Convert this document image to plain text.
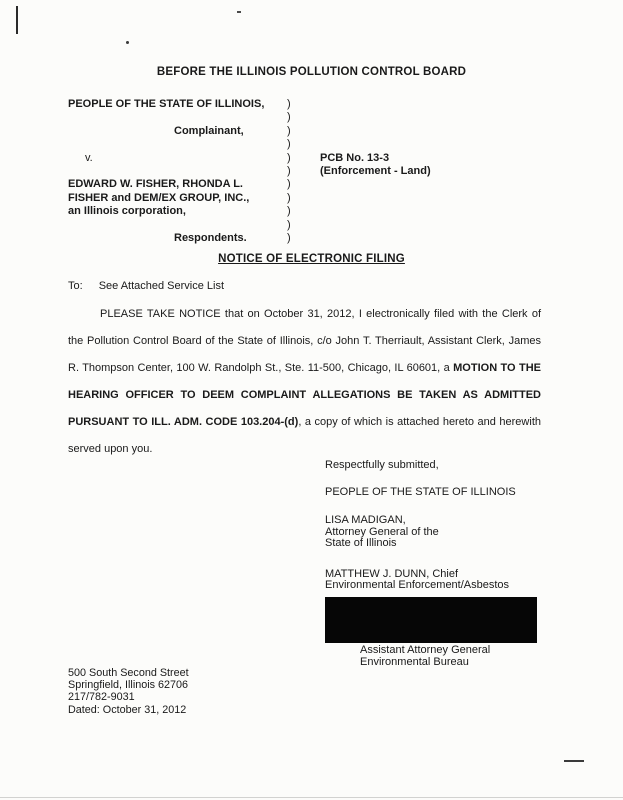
BEFORE THE ILLINOIS POLLUTION CONTROL BOARD
PEOPLE OF THE STATE OF ILLINOIS,	)
)
Complainant,	)
)
v.	)	PCB No. 13-3
)	(Enforcement - Land)
EDWARD W. FISHER, RHONDA L.	)
FISHER and DEM/EX GROUP, INC.,	)
an Illinois corporation,	)
)
Respondents.	)
NOTICE OF ELECTRONIC FILING
To: See Attached Service List

PLEASE TAKE NOTICE that on October 31, 2012, I electronically filed with the Clerk of the Pollution Control Board of the State of Illinois, c/o John T. Therriault, Assistant Clerk, James R. Thompson Center, 100 W. Randolph St., Ste. 11-500, Chicago, IL 60601, a MOTION TO THE HEARING OFFICER TO DEEM COMPLAINT ALLEGATIONS BE TAKEN AS ADMITTED PURSUANT TO ILL. ADM. CODE 103.204-(d), a copy of which is attached hereto and herewith served upon you.

Respectfully submitted,
PEOPLE OF THE STATE OF ILLINOIS
LISA MADIGAN,
Attorney General of the
State of Illinois
MATTHEW J. DUNN, Chief
Environmental Enforcement/Asbestos
Assistant Attorney General
Environmental Bureau
500 South Second Street
Springfield, Illinois 62706
217/782-9031
Dated: October 31, 2012
